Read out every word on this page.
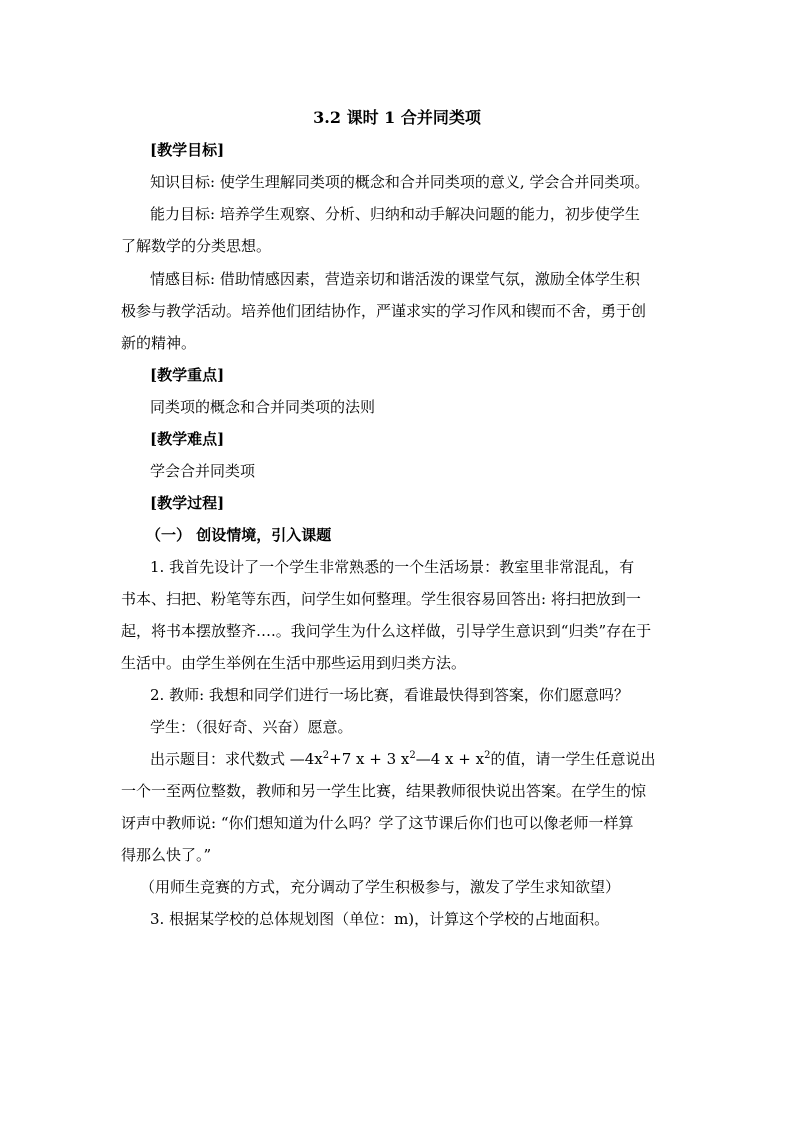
3.2 课时 1 合并同类项
[教学目标]
知识目标: 使学生理解同类项的概念和合并同类项的意义, 学会合并同类项。
能力目标: 培养学生观察、分析、归纳和动手解决问题的能力，初步使学生
了解数学的分类思想。
情感目标: 借助情感因素，营造亲切和谐活泼的课堂气氛，激励全体学生积
极参与教学活动。培养他们团结协作，严谨求实的学习作风和锲而不舍，勇于创
新的精神。
[教学重点]
同类项的概念和合并同类项的法则
[教学难点]
学会合并同类项
[教学过程]
（一） 创设情境，引入课题
1. 我首先设计了一个学生非常熟悉的一个生活场景：教室里非常混乱，有
书本、扫把、粉笔等东西，问学生如何整理。学生很容易回答出: 将扫把放到一
起，将书本摆放整齐….。我问学生为什么这样做，引导学生意识到“归类”存在于
生活中。由学生举例在生活中那些运用到归类方法。
2. 教师: 我想和同学们进行一场比赛，看谁最快得到答案，你们愿意吗？
学生：（很好奇、兴奋）愿意。
出示题目：求代数式 $—4x^2+7$ x + 3 $x^2—4$ $x + x^2$的值，请一学生任意说出
一个一至两位整数，教师和另一学生比赛，结果教师很快说出答案。在学生的惊
讶声中教师说: “你们想知道为什么吗？学了这节课后你们也可以像老师一样算
得那么快了。”
（用师生竞赛的方式，充分调动了学生积极参与，激发了学生求知欲望）
3. 根据某学校的总体规划图（单位：m)，计算这个学校的占地面积。
